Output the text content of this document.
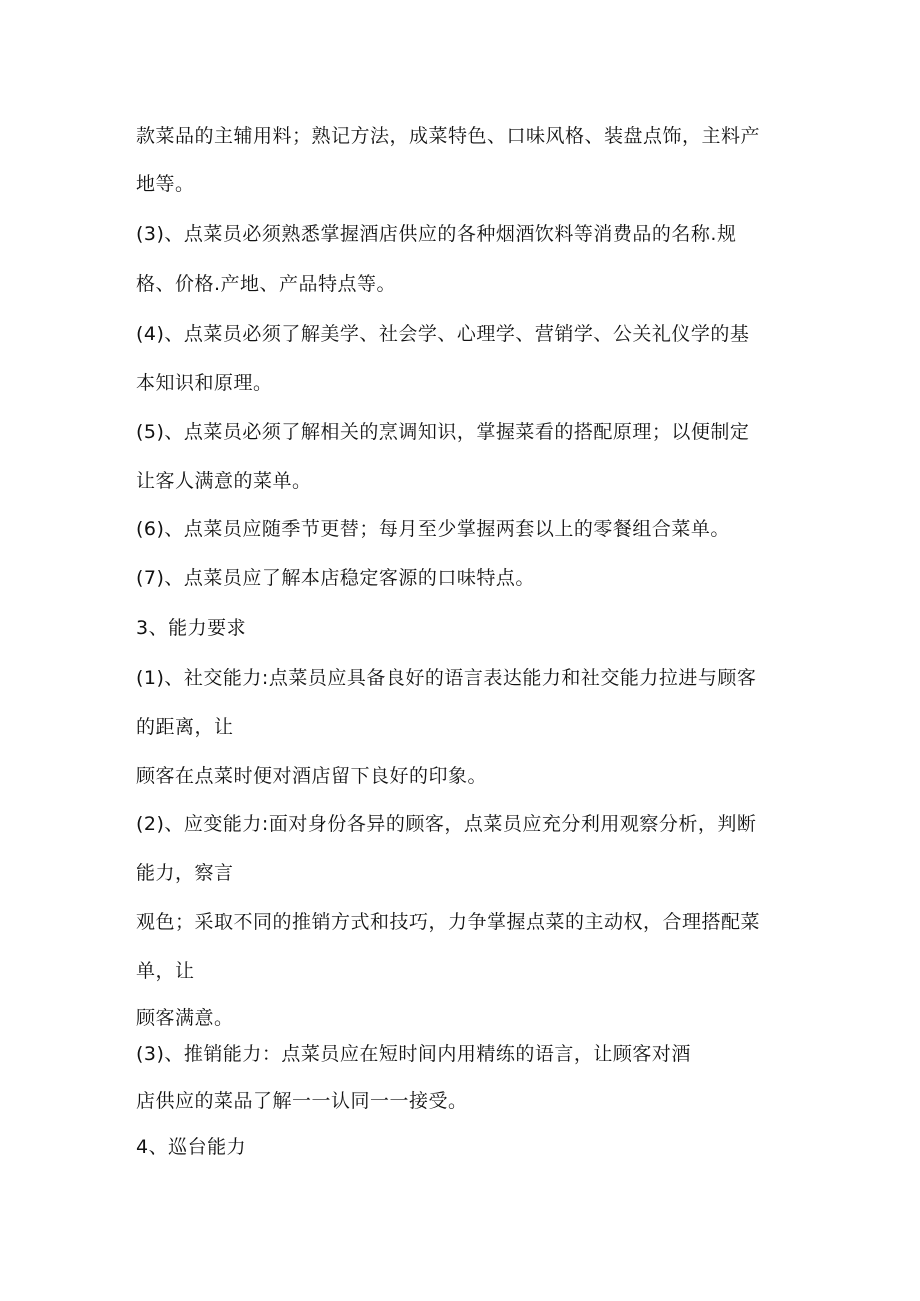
款菜品的主辅用料；熟记方法，成菜特色、口味风格、装盘点饰，主料产
地等。
(3)、点菜员必须熟悉掌握酒店供应的各种烟酒饮料等消费品的名称.规
格、价格.产地、产品特点等。
(4)、点菜员必须了解美学、社会学、心理学、营销学、公关礼仪学的基
本知识和原理。
(5)、点菜员必须了解相关的烹调知识，掌握菜看的搭配原理；以便制定
让客人满意的菜单。
(6)、点菜员应随季节更替；每月至少掌握两套以上的零餐组合菜单。
(7)、点菜员应了解本店稳定客源的口味特点。
3、能力要求
(1)、社交能力:点菜员应具备良好的语言表达能力和社交能力拉进与顾客
的距离，让
顾客在点菜时便对酒店留下良好的印象。
(2)、应变能力:面对身份各异的顾客，点菜员应充分利用观察分析，判断
能力，察言
观色；采取不同的推销方式和技巧，力争掌握点菜的主动权，合理搭配菜
单，让
顾客满意。
(3)、推销能力：点菜员应在短时间内用精练的语言，让顾客对酒
店供应的菜品了解一一认同一一接受。
4、巡台能力
